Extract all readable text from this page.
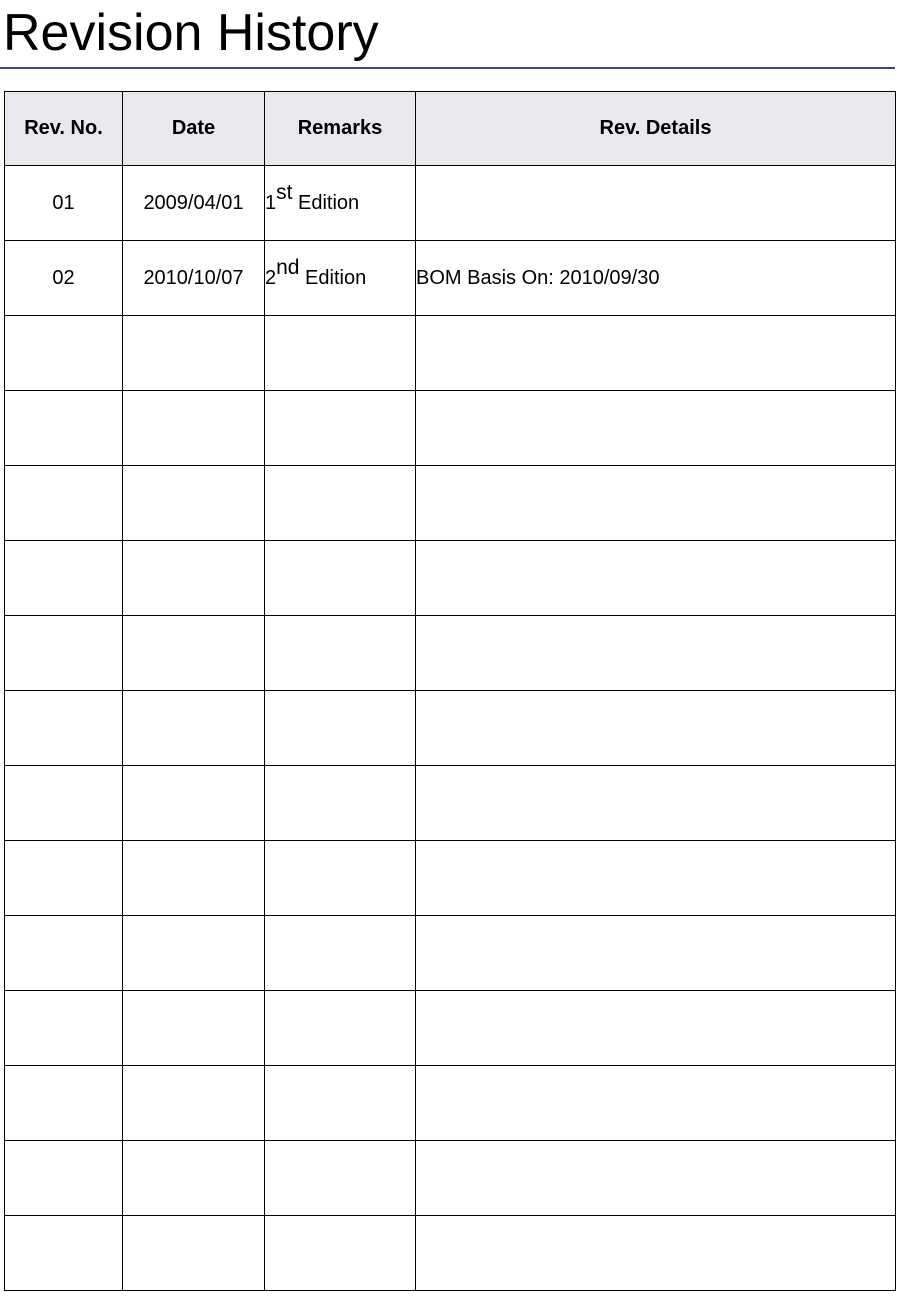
Revision History
Rev. No.	Date	Remarks	Rev. Details
01	2009/04/01	1st Edition	
02	2010/10/07	2nd Edition	BOM Basis On: 2010/09/30
